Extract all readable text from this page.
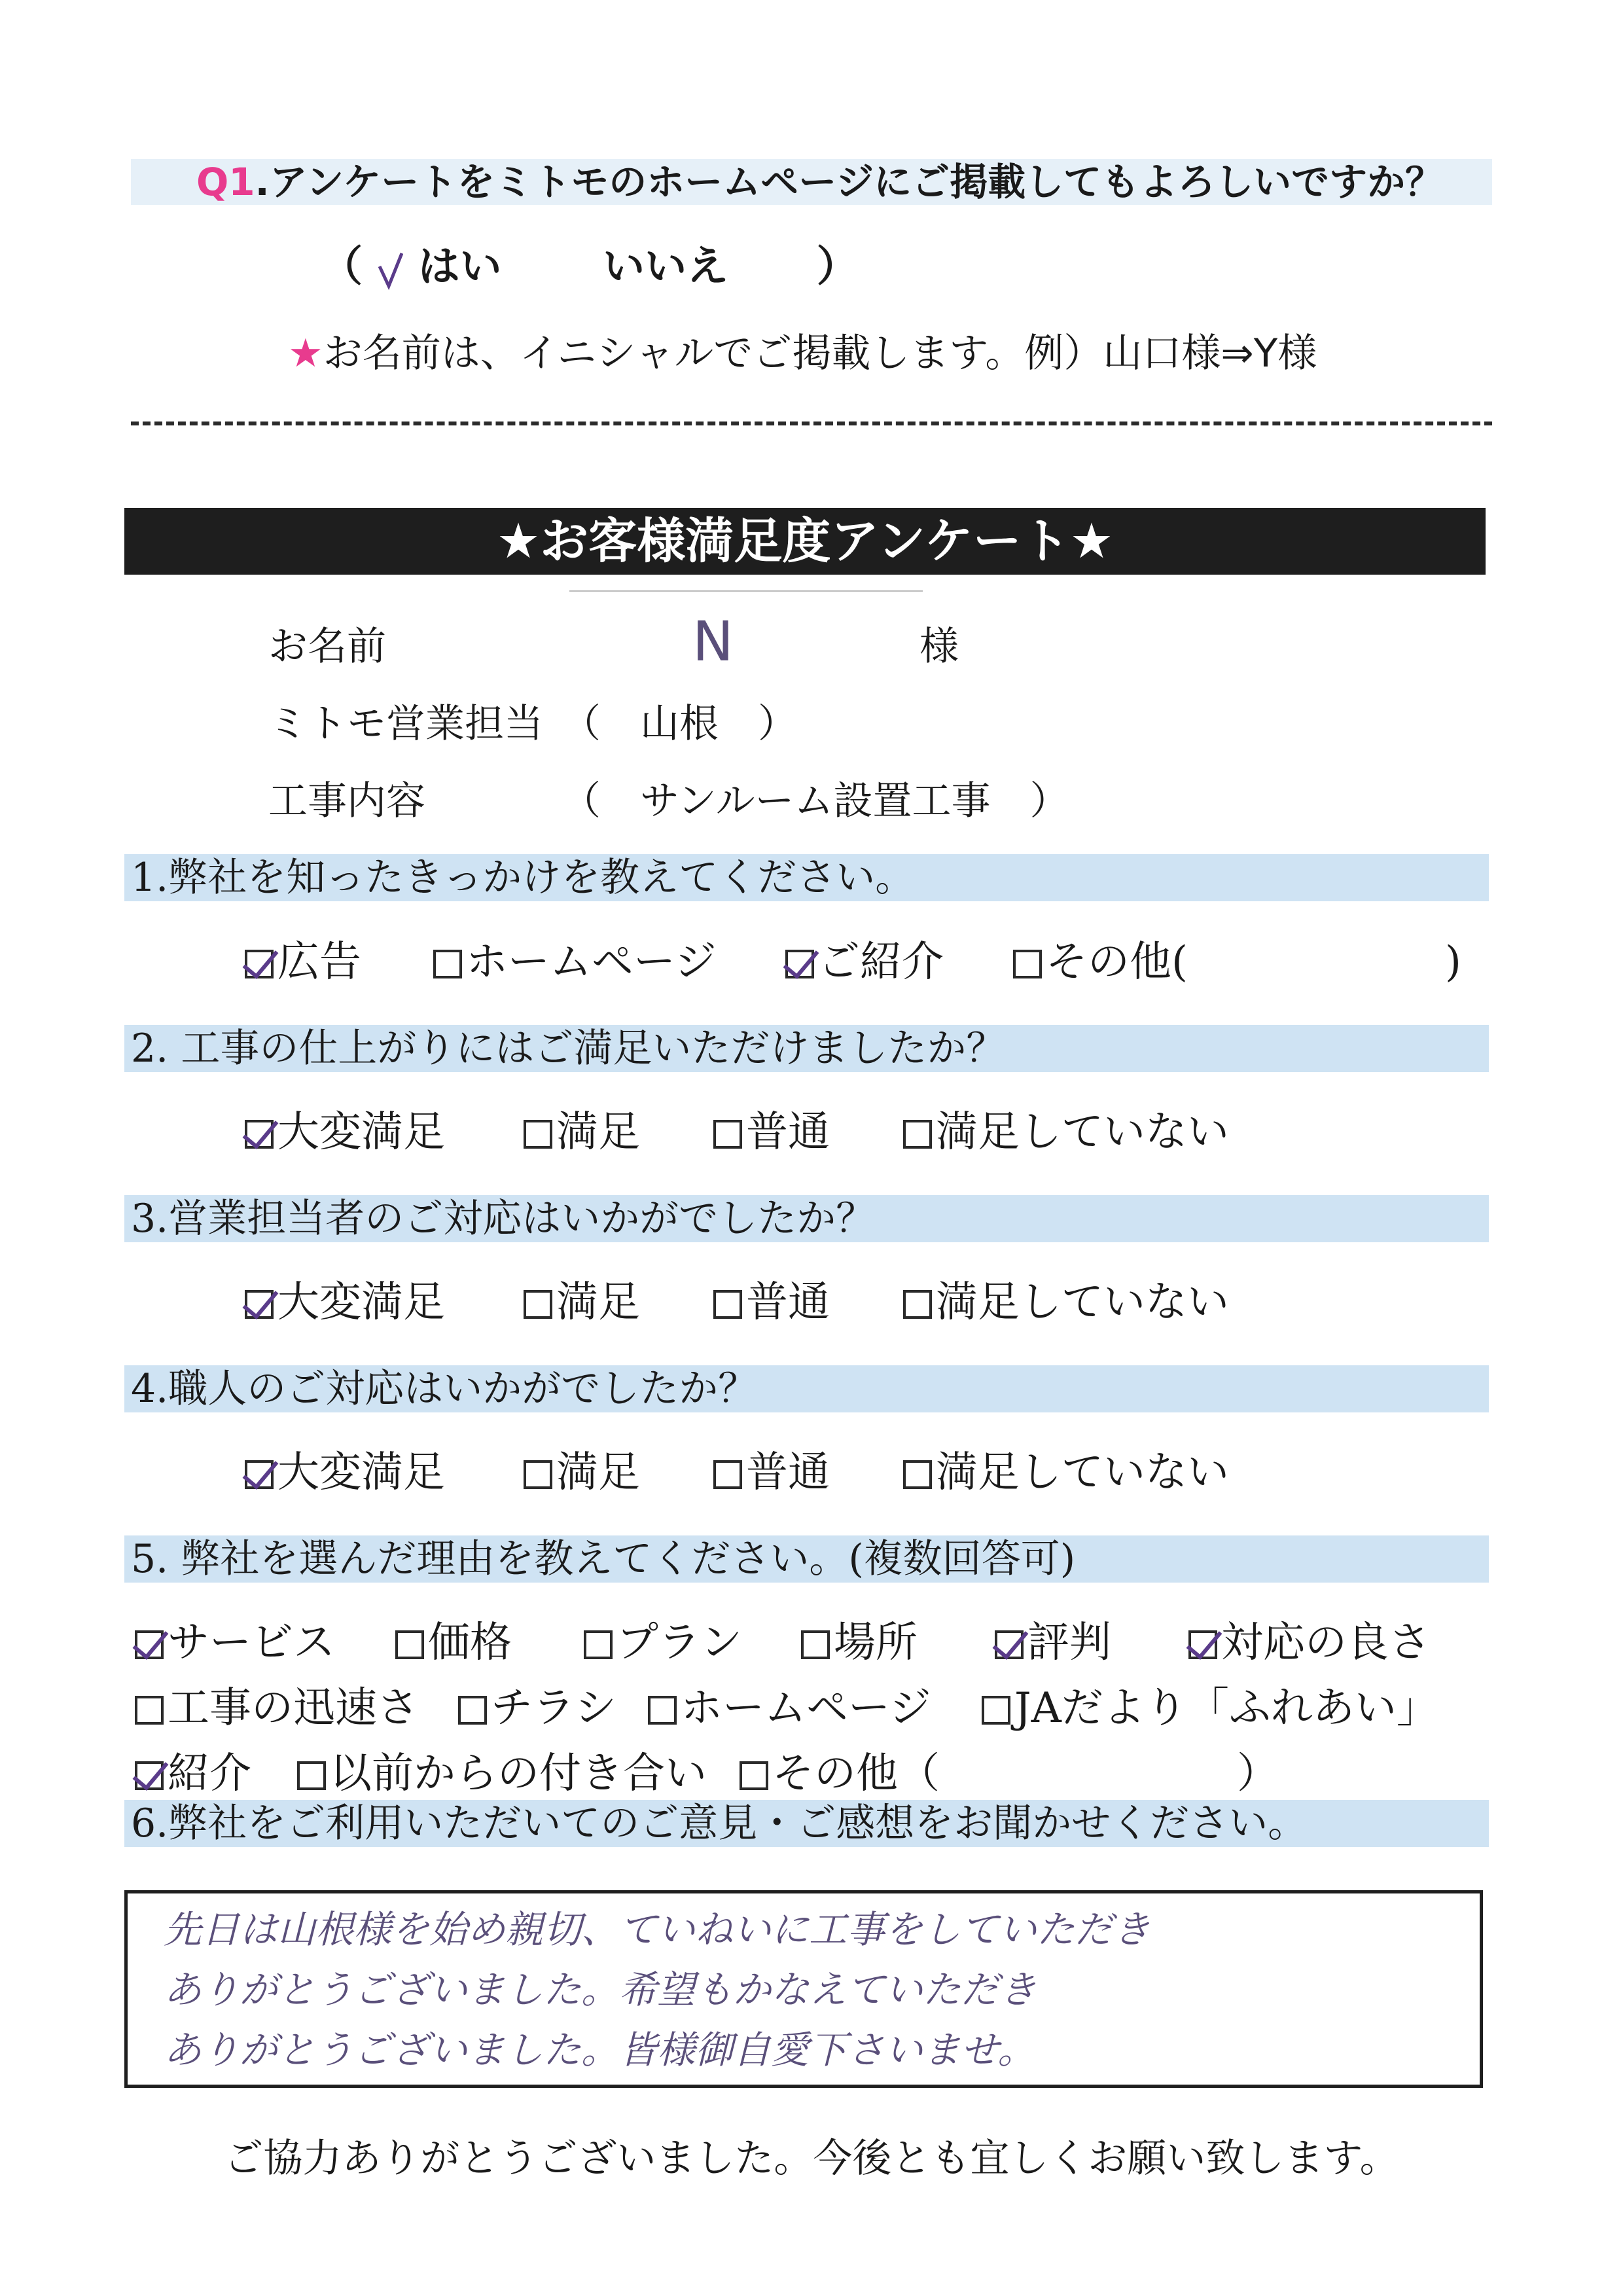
Q1.アンケートをミトモのホームページにご掲載してもよろしいですか？
（ はい いいえ ）
★お名前は、イニシャルでご掲載します。例）山口様⇒Y様
★お客様満足度アンケート★
お名前	N	様
ミトモ営業担当 （　山根　）
工事内容	（　サンルーム設置工事　）
1.弊社を知ったきっかけを教えてください。
広告	ホームページ	ご紹介	その他(	)
2. 工事の仕上がりにはご満足いただけましたか？
大変満足	満足	普通	満足していない
3.営業担当者のご対応はいかがでしたか？
大変満足	満足	普通	満足していない
4.職人のご対応はいかがでしたか？
大変満足	満足	普通	満足していない
5. 弊社を選んだ理由を教えてください。(複数回答可)
サービス	価格	プラン	場所	評判	対応の良さ
工事の迅速さ	チラシ	ホームページ	JAだより「ふれあい」
紹介	以前からの付き合い	その他（	）
6.弊社をご利用いただいてのご意見・ご感想をお聞かせください。
先日は山根様を始め親切、ていねいに工事をしていただき
ありがとうございました。希望もかなえていただき
ありがとうございました。皆様御自愛下さいませ。
ご協力ありがとうございました。今後とも宜しくお願い致します。
